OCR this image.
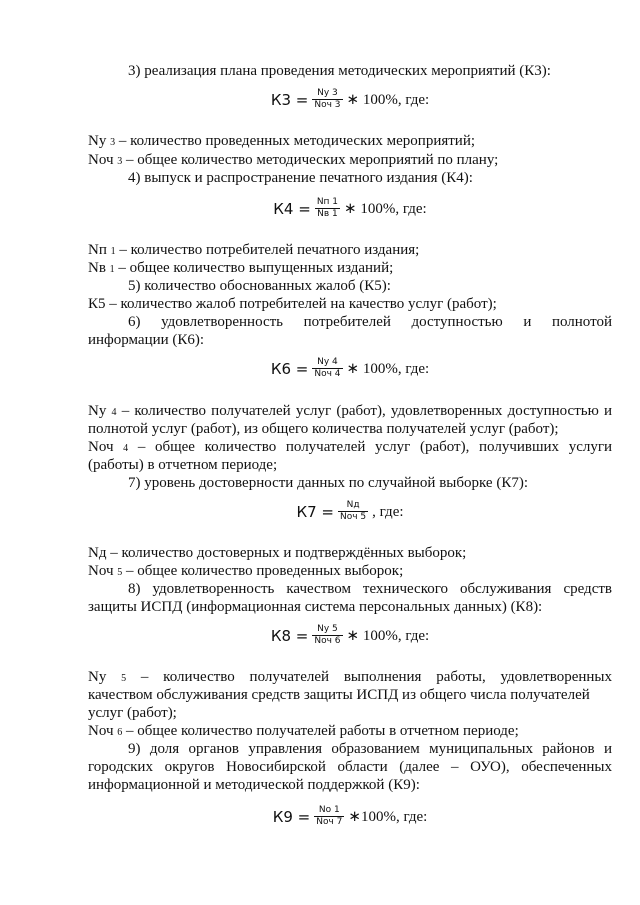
3) реализация плана проведения методических мероприятий (К3):
$К3 = \frac{Nу 3}{\text{Nоч 3}}$ ∗ 100%, где:
Nу 3 – количество проведенных методических мероприятий;
Nоч 3 – общее количество методических мероприятий по плану;
4) выпуск и распространение печатного издания (К4):
$К4 = \frac{Nп 1}{Nв 1}$ ∗ 100%, где:
Nп 1 – количество потребителей печатного издания;
Nв 1 – общее количество выпущенных изданий;
5) количество обоснованных жалоб (К5):
К5 – количество жалоб потребителей на качество услуг (работ);
6) удовлетворенность потребителей доступностью и полнотой
информации (К6):
$К6 = \frac{Nу 4}{\text{Nоч 4}}$ ∗ 100%, где:
Nу 4 – количество получателей услуг (работ), удовлетворенных доступностью и
полнотой услуг (работ), из общего количества получателей услуг (работ);
Nоч 4 – общее количество получателей услуг (работ), получивших услуги
(работы) в отчетном периоде;
7) уровень достоверности данных по случайной выборке (К7):
$К7 = \frac{Nд}{\text{Nоч 5}}$ , где:
Nд – количество достоверных и подтверждённых выборок;
Nоч 5 – общее количество проведенных выборок;
8) удовлетворенность качеством технического обслуживания средств
защиты ИСПД (информационная система персональных данных) (К8):
$К8 = \frac{Nу 5}{\text{Nоч 6}}$ ∗ 100%, где:
Nу 5 – количество получателей выполнения работы, удовлетворенных
качеством обслуживания средств защиты ИСПД из общего числа получателей
услуг (работ);
Nоч 6 – общее количество получателей работы в отчетном периоде;
9) доля органов управления образованием муниципальных районов и
городских округов Новосибирской области (далее – ОУО), обеспеченных
информационной и методической поддержкой (К9):
$К9 = \frac{Nо 1}{\text{Nоч 7}}$ ∗100%, где:
